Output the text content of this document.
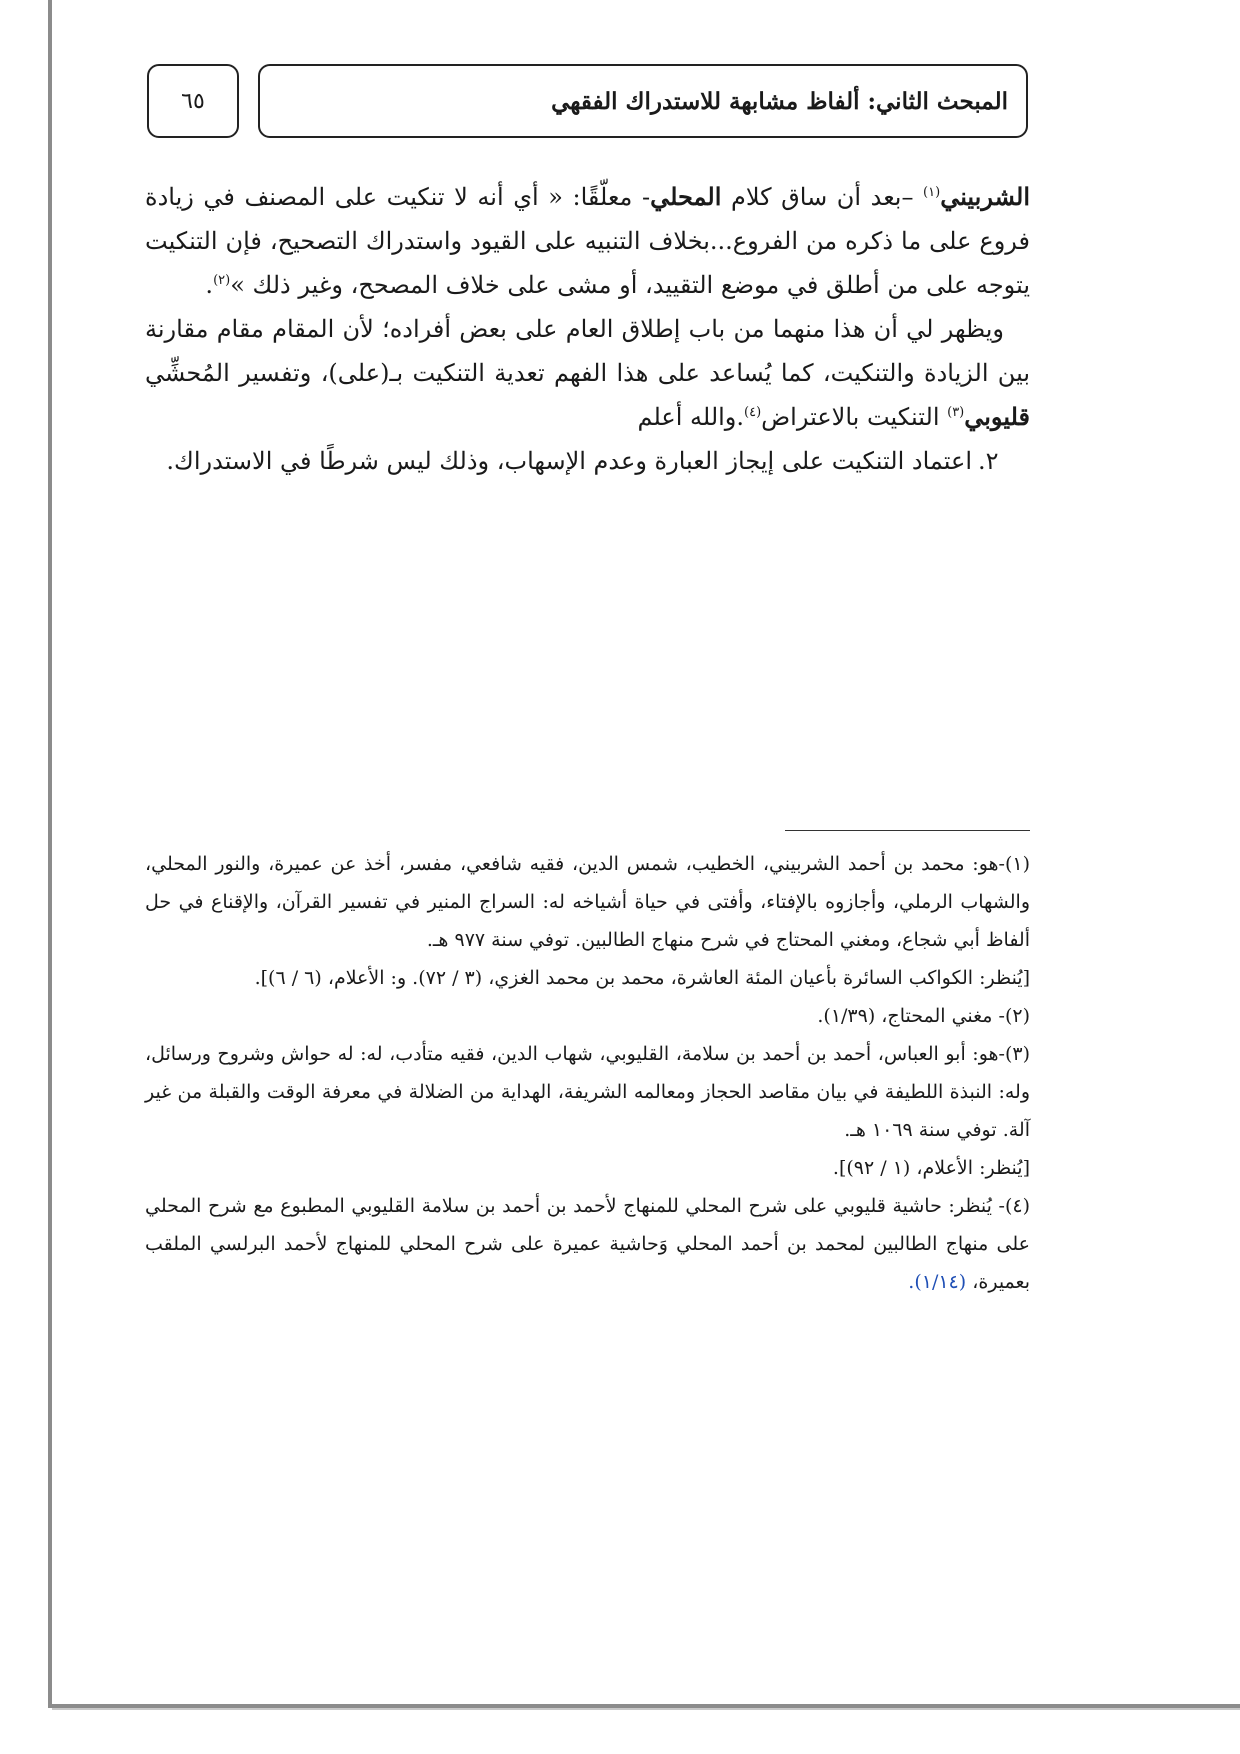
٦٥	المبحث الثاني: ألفاظ مشابهة للاستدراك الفقهي

الشربيني$^{(١)}$ –بعد أن ساق كلام المحلي- معلّقًا: « أي أنه لا تنكيت على المصنف في زيادة فروع على ما ذكره من الفروع...بخلاف التنبيه على القيود واستدراك التصحيح، فإن التنكيت يتوجه على من أطلق في موضع التقييد، أو مشى على خلاف المصحح، وغير ذلك »$^{(٢)}$.

ويظهر لي أن هذا منهما من باب إطلاق العام على بعض أفراده؛ لأن المقام مقام مقارنة بين الزيادة والتنكيت، كما يُساعد على هذا الفهم تعدية التنكيت بـ(على)، وتفسير المُحشِّي قليوبي$^{(٣)}$ التنكيت بالاعتراض$^{(٤)}$.والله أعلم

٢.
اعتماد التنكيت على إيجاز العبارة وعدم الإسهاب، وذلك ليس شرطًا في الاستدراك.

(١)-هو: محمد بن أحمد الشربيني، الخطيب، شمس الدين، فقيه شافعي، مفسر، أخذ عن عميرة، والنور المحلي، والشهاب الرملي، وأجازوه بالإفتاء، وأفتى في حياة أشياخه له: السراج المنير في تفسير القرآن، والإقناع في حل ألفاظ أبي شجاع، ومغني المحتاج في شرح منهاج الطالبين. توفي سنة ٩٧٧ هـ.

[يُنظر: الكواكب السائرة بأعيان المئة العاشرة، محمد بن محمد الغزي، (٣ / ٧٢). و: الأعلام، (٦ / ٦)].

(٢)- مغني المحتاج، (١/٣٩).

(٣)-هو: أبو العباس، أحمد بن أحمد بن سلامة، القليوبي، شهاب الدين، فقيه متأدب، له: له حواش وشروح ورسائل، وله: النبذة اللطيفة في بيان مقاصد الحجاز ومعالمه الشريفة، الهداية من الضلالة في معرفة الوقت والقبلة من غير آلة. توفي سنة ١٠٦٩ هـ.

[يُنظر: الأعلام، (١ / ٩٢)].

(٤)- يُنظر: حاشية قليوبي على شرح المحلي للمنهاج لأحمد بن أحمد بن سلامة القليوبي المطبوع مع شرح المحلي على منهاج الطالبين لمحمد بن أحمد المحلي وَحاشية عميرة على شرح المحلي للمنهاج لأحمد البرلسي الملقب بعميرة، (١/١٤).
